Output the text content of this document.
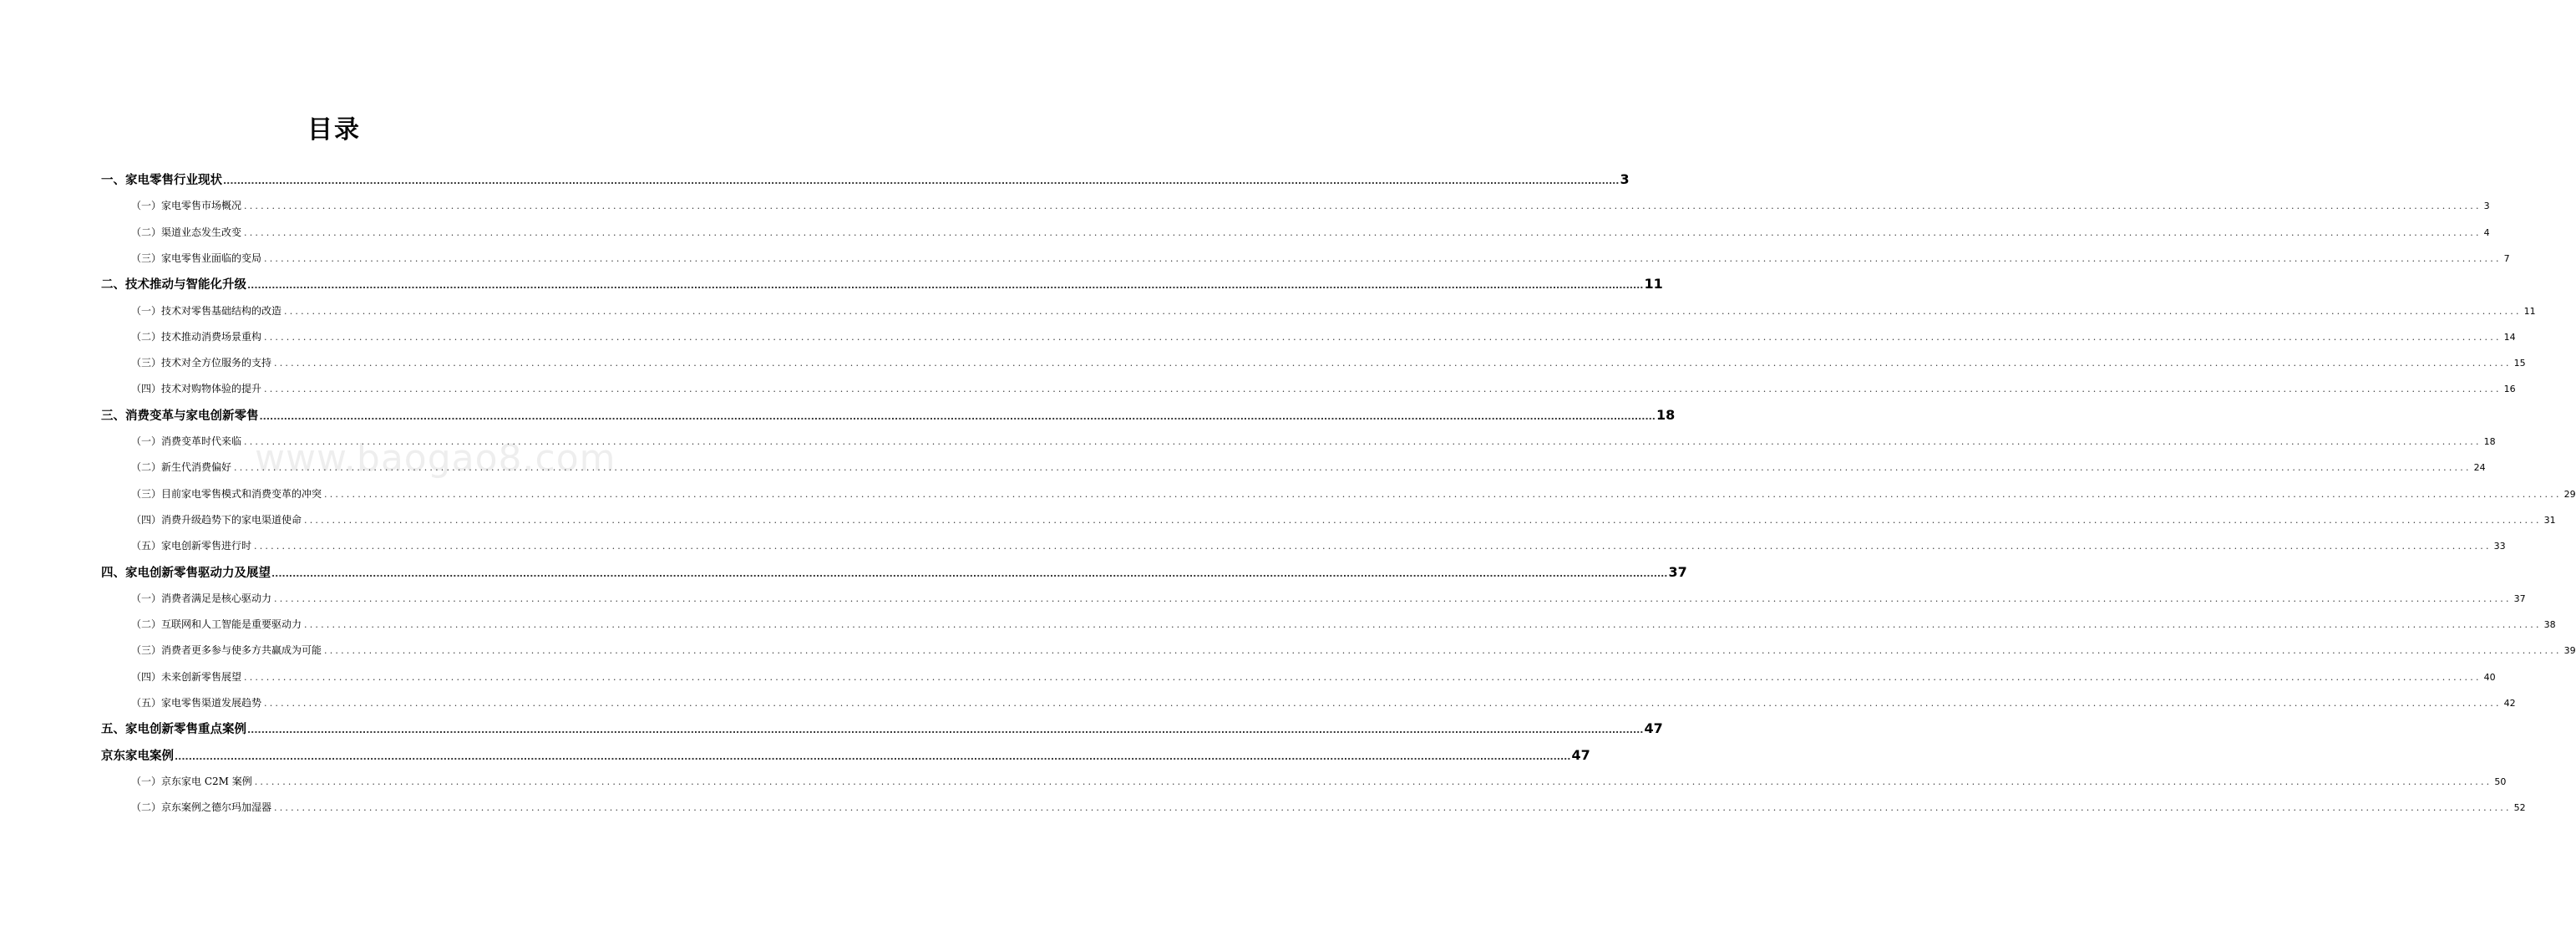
目录
www.baogao8.com
一、家电零售行业现状 ................................................................................................................................................................................................................................................................................................................................................................................................................ 3
（一）家电零售市场概况 ................................................................................................................................................................................................................................................................................................................................................................................................................ 3
（二）渠道业态发生改变 ................................................................................................................................................................................................................................................................................................................................................................................................................ 4
（三）家电零售业面临的变局 ................................................................................................................................................................................................................................................................................................................................................................................................................ 7
二、技术推动与智能化升级 ................................................................................................................................................................................................................................................................................................................................................................................................................ 11
（一）技术对零售基础结构的改造 ................................................................................................................................................................................................................................................................................................................................................................................................................ 11
（二）技术推动消费场景重构 ................................................................................................................................................................................................................................................................................................................................................................................................................ 14
（三）技术对全方位服务的支持 ................................................................................................................................................................................................................................................................................................................................................................................................................ 15
（四）技术对购物体验的提升 ................................................................................................................................................................................................................................................................................................................................................................................................................ 16
三、消费变革与家电创新零售 ................................................................................................................................................................................................................................................................................................................................................................................................................ 18
（一）消费变革时代来临 ................................................................................................................................................................................................................................................................................................................................................................................................................ 18
（二）新生代消费偏好 ................................................................................................................................................................................................................................................................................................................................................................................................................ 24
（三）目前家电零售模式和消费变革的冲突 ................................................................................................................................................................................................................................................................................................................................................................................................................ 29
（四）消费升级趋势下的家电渠道使命 ................................................................................................................................................................................................................................................................................................................................................................................................................ 31
（五）家电创新零售进行时 ................................................................................................................................................................................................................................................................................................................................................................................................................ 33
四、家电创新零售驱动力及展望 ................................................................................................................................................................................................................................................................................................................................................................................................................ 37
（一）消费者满足是核心驱动力 ................................................................................................................................................................................................................................................................................................................................................................................................................ 37
（二）互联网和人工智能是重要驱动力 ................................................................................................................................................................................................................................................................................................................................................................................................................ 38
（三）消费者更多参与使多方共赢成为可能 ................................................................................................................................................................................................................................................................................................................................................................................................................ 39
（四）未来创新零售展望 ................................................................................................................................................................................................................................................................................................................................................................................................................ 40
（五）家电零售渠道发展趋势 ................................................................................................................................................................................................................................................................................................................................................................................................................ 42
五、家电创新零售重点案例 ................................................................................................................................................................................................................................................................................................................................................................................................................ 47
京东家电案例 ................................................................................................................................................................................................................................................................................................................................................................................................................ 47
（一）京东家电 C2M 案例 ................................................................................................................................................................................................................................................................................................................................................................................................................ 50
（二）京东案例之德尔玛加湿器 ................................................................................................................................................................................................................................................................................................................................................................................................................ 52
